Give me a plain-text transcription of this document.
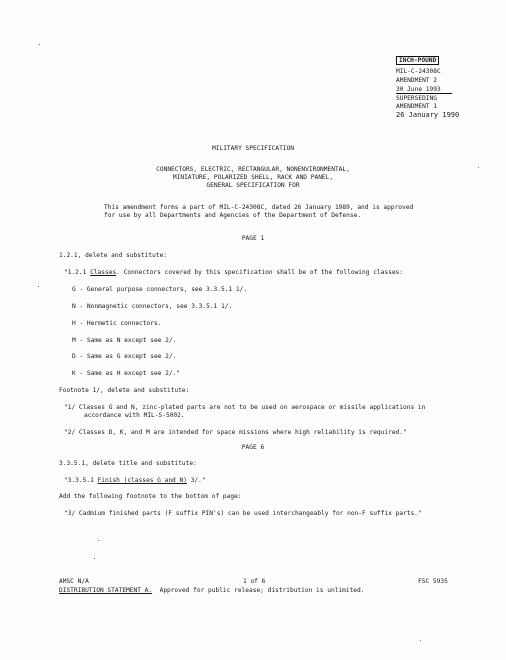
INCH-POUND
MIL-C-24308C
AMENDMENT 2
30 June 1993
SUPERSEDING
AMENDMENT 1
26 January 1990
MILITARY SPECIFICATION
CONNECTORS, ELECTRIC, RECTANGULAR, NONENVIRONMENTAL,
MINIATURE, POLARIZED SHELL, RACK AND PANEL,
GENERAL SPECIFICATION FOR
This amendment forms a part of MIL-C-24308C, dated 26 January 1989, and is approved
for use by all Departments and Agencies of the Department of Defense.
PAGE 1
1.2.1, delete and substitute:
"1.2.1 Classes. Connectors covered by this specification shall be of the following classes:
G - General purpose connectors, see 3.3.5.1 1/.
N - Nonmagnetic connectors, see 3.3.5.1 1/.
H - Hermetic connectors.
M - Same as N except see 2/.
D - Same as G except see 2/.
K - Same as H except see 2/."
Footnote 1/, delete and substitute:
"1/ Classes G and N, zinc-plated parts are not to be used on aerospace or missile applications in
accordance with MIL-S-5002.
"2/ Classes D, K, and M are intended for space missions where high reliability is required."
PAGE 6
3.3.5.1, delete title and substitute:
"3.3.5.1 Finish (classes G and N) 3/."
Add the following footnote to the bottom of page:
"3/ Cadmium finished parts (F suffix PIN's) can be used interchangeably for non-F suffix parts."
AMSC N/A	1 of 6	FSC 5935
DISTRIBUTION STATEMENT A. Approved for public release; distribution is unlimited.
